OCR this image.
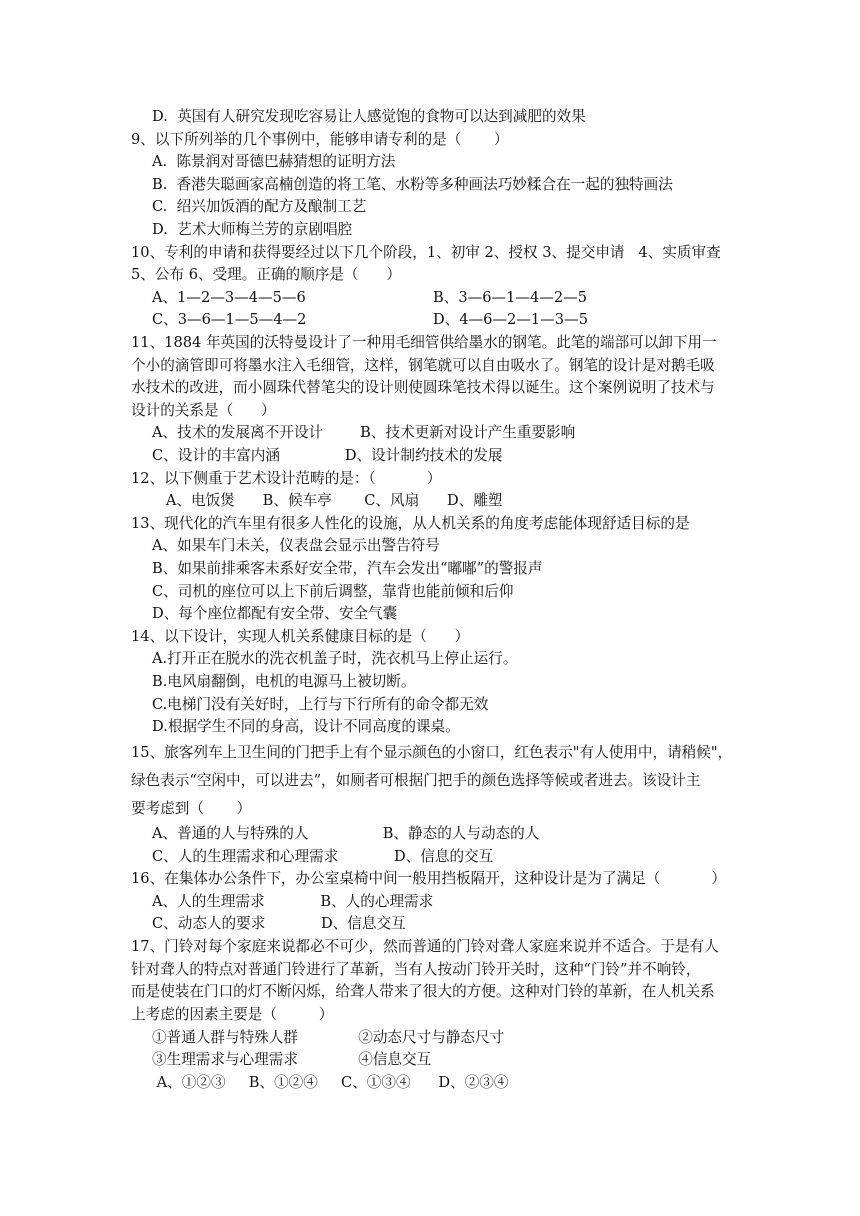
D.  英国有人研究发现吃容易让人感觉饱的食物可以达到减肥的效果
9、以下所列举的几个事例中，能够申请专利的是（       ）
A.  陈景润对哥德巴赫猜想的证明方法
B.  香港失聪画家高楠创造的将工笔、水粉等多种画法巧妙糅合在一起的独特画法
C.  绍兴加饭酒的配方及酿制工艺
D.  艺术大师梅兰芳的京剧唱腔
10、专利的申请和获得要经过以下几个阶段，1、初审 2、授权 3、提交申请   4、实质审查
5、公布 6、受理。正确的顺序是（      ）
A、1—2—3—4—5—6	B、3—6—1—4—2—5
C、3—6—1—5—4—2	D、4—6—2—1—3—5
11、1884 年英国的沃特曼设计了一种用毛细管供给墨水的钢笔。此笔的端部可以卸下用一
个小的滴管即可将墨水注入毛细管，这样，钢笔就可以自由吸水了。钢笔的设计是对鹅毛吸
水技术的改进，而小圆珠代替笔尖的设计则使圆珠笔技术得以诞生。这个案例说明了技术与
设计的关系是（      ）
A、技术的发展离不开设计        B、技术更新对设计产生重要影响
C、设计的丰富内涵              D、设计制约技术的发展
12、以下侧重于艺术设计范畴的是：（           ）
A、电饭煲      B、候车亭       C、风扇      D、雕塑
13、现代化的汽车里有很多人性化的设施，从人机关系的角度考虑能体现舒适目标的是
A、如果车门未关，仪表盘会显示出警告符号
B、如果前排乘客未系好安全带，汽车会发出“嘟嘟”的警报声
C、司机的座位可以上下前后调整，靠背也能前倾和后仰
D、每个座位都配有安全带、安全气囊
14、以下设计，实现人机关系健康目标的是（      ）
A.打开正在脱水的洗衣机盖子时，洗衣机马上停止运行。
B.电风扇翻倒，电机的电源马上被切断。
C.电梯门没有关好时，上行与下行所有的命令都无效
D.根据学生不同的身高，设计不同高度的课桌。
15、旅客列车上卫生间的门把手上有个显示颜色的小窗口，红色表示"有人使用中，请稍候"，
绿色表示“空闲中，可以进去”，如厕者可根据门把手的颜色选择等候或者进去。该设计主
要考虑到（       ）
A、普通的人与特殊的人                B、静态的人与动态的人
C、人的生理需求和心理需求            D、信息的交互
16、在集体办公条件下，办公室桌椅中间一般用挡板隔开，这种设计是为了满足（           ）
A、人的生理需求            B、人的心理需求
C、动态人的要求            D、信息交互
17、门铃对每个家庭来说都必不可少，然而普通的门铃对聋人家庭来说并不适合。于是有人
针对聋人的特点对普通门铃进行了革新，当有人按动门铃开关时，这种“门铃”并不响铃，
而是使装在门口的灯不断闪烁，给聋人带来了很大的方便。这种对门铃的革新，在人机关系
上考虑的因素主要是（         ）
①普通人群与特殊人群             ②动态尺寸与静态尺寸
③生理需求与心理需求             ④信息交互
A、①②③     B、①②④     C、①③④      D、②③④
